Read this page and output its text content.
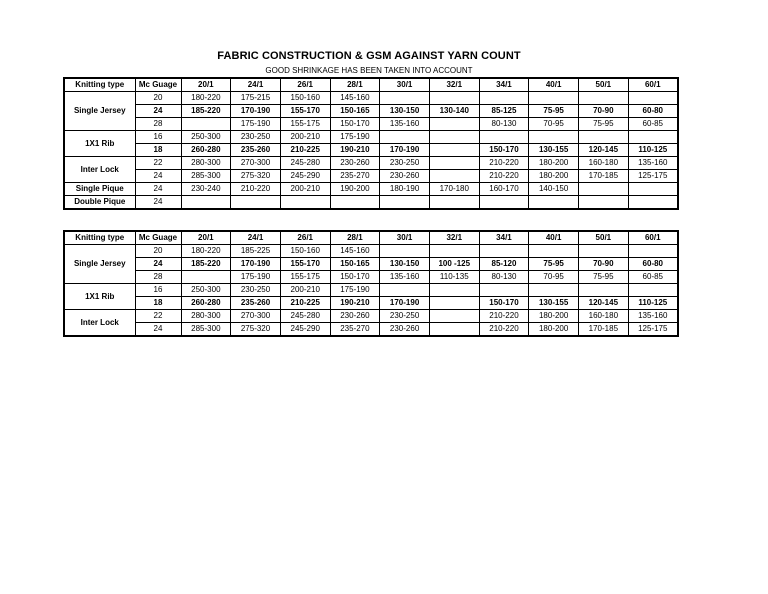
FABRIC CONSTRUCTION & GSM AGAINST YARN COUNT
GOOD SHRINKAGE HAS BEEN TAKEN INTO ACCOUNT
Knitting type	Mc Guage	20/1	24/1	26/1	28/1	30/1	32/1	34/1	40/1	50/1	60/1
Single Jersey	20	180-220	175-215	150-160	145-160						
	24	185-220	170-190	155-170	150-165	130-150	130-140	85-125	75-95	70-90	60-80
	28		175-190	155-175	150-170	135-160		80-130	70-95	75-95	60-85
1X1 Rib	16	250-300	230-250	200-210	175-190						
	18	260-280	235-260	210-225	190-210	170-190		150-170	130-155	120-145	110-125
Inter Lock	22	280-300	270-300	245-280	230-260	230-250		210-220	180-200	160-180	135-160
	24	285-300	275-320	245-290	235-270	230-260		210-220	180-200	170-185	125-175
Single Pique	24	230-240	210-220	200-210	190-200	180-190	170-180	160-170	140-150		
Double Pique	24										
Knitting type	Mc Guage	20/1	24/1	26/1	28/1	30/1	32/1	34/1	40/1	50/1	60/1
Single Jersey	20	180-220	185-225	150-160	145-160						
	24	185-220	170-190	155-170	150-165	130-150	100 -125	85-120	75-95	70-90	60-80
	28		175-190	155-175	150-170	135-160	110-135	80-130	70-95	75-95	60-85
1X1 Rib	16	250-300	230-250	200-210	175-190						
	18	260-280	235-260	210-225	190-210	170-190		150-170	130-155	120-145	110-125
Inter Lock	22	280-300	270-300	245-280	230-260	230-250		210-220	180-200	160-180	135-160
	24	285-300	275-320	245-290	235-270	230-260		210-220	180-200	170-185	125-175
